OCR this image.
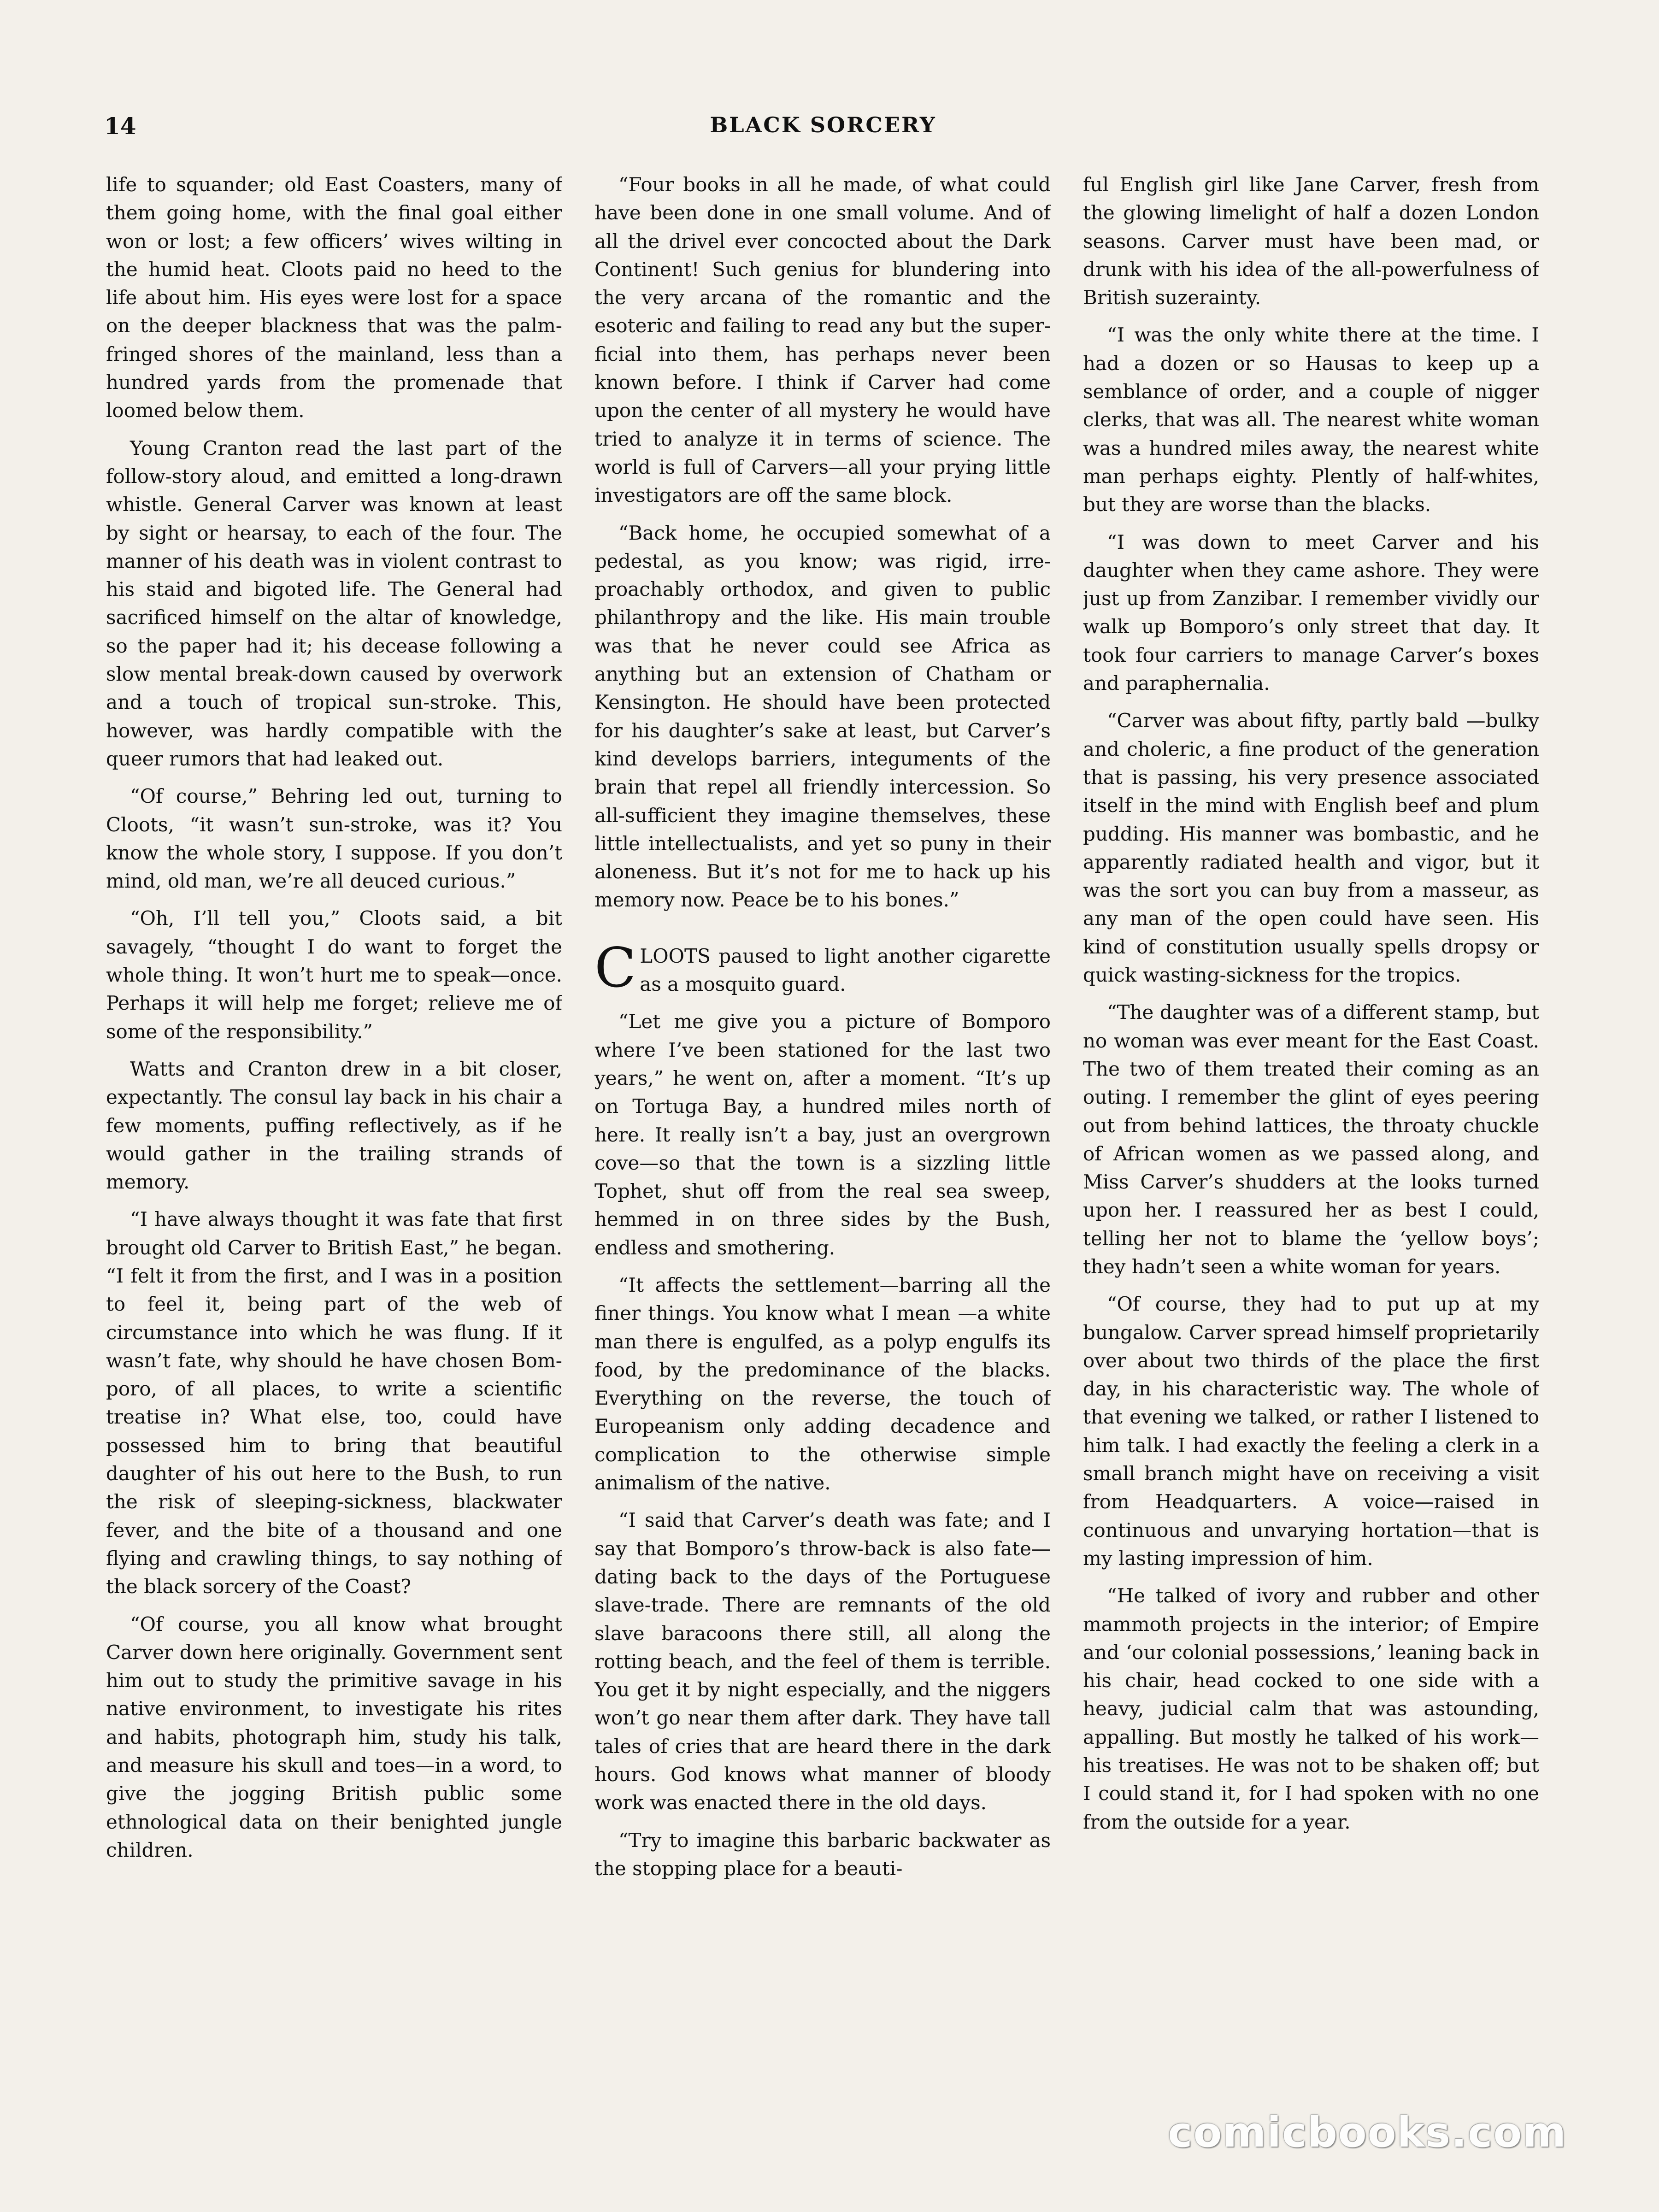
14	BLACK SORCERY

life to squander; old East Coasters, many of them going home, with the final goal either won or lost; a few officers’ wives wilting in the humid heat. Cloots paid no heed to the life about him. His eyes were lost for a space on the deeper blackness that was the palm-fringed shores of the mainland, less than a hundred yards from the promenade that loomed below them.

Young Cranton read the last part of the follow-story aloud, and emitted a long-drawn whistle. General Carver was known at least by sight or hearsay, to each of the four. The manner of his death was in violent contrast to his staid and bigoted life. The General had sacrificed himself on the altar of knowledge, so the paper had it; his decease following a slow mental break-down caused by overwork and a touch of tropical sun-stroke. This, however, was hardly compatible with the queer rumors that had leaked out.

“Of course,” Behring led out, turning to Cloots, “it wasn’t sun-stroke, was it? You know the whole story, I suppose. If you don’t mind, old man, we’re all deuced curious.”

“Oh, I’ll tell you,” Cloots said, a bit savagely, “thought I do want to forget the whole thing. It won’t hurt me to speak—once. Perhaps it will help me forget; relieve me of some of the responsibility.”

Watts and Cranton drew in a bit closer, expectantly. The consul lay back in his chair a few moments, puffing reflectively, as if he would gather in the trailing strands of memory.

“I have always thought it was fate that first brought old Carver to British East,” he began. “I felt it from the first, and I was in a position to feel it, being part of the web of circumstance into which he was flung. If it wasn’t fate, why should he have chosen Bomporo, of all places, to write a scientific treatise in? What else, too, could have possessed him to bring that beautiful daughter of his out here to the Bush, to run the risk of sleeping-sickness, blackwater fever, and the bite of a thousand and one flying and crawling things, to say nothing of the black sorcery of the Coast?

“Of course, you all know what brought Carver down here originally. Government sent him out to study the primitive savage in his native environment, to investigate his rites and habits, photograph him, study his talk, and measure his skull and toes—in a word, to give the jogging British public some ethnological data on their benighted jungle children.

“Four books in all he made, of what could have been done in one small volume. And of all the drivel ever concocted about the Dark Continent! Such genius for blundering into the very arcana of the romantic and the esoteric and failing to read any but the superficial into them, has perhaps never been known before. I think if Carver had come upon the center of all mystery he would have tried to analyze it in terms of science. The world is full of Carvers—all your prying little investigators are off the same block.

“Back home, he occupied somewhat of a pedestal, as you know; was rigid, irreproachably orthodox, and given to public philanthropy and the like. His main trouble was that he never could see Africa as anything but an extension of Chatham or Kensington. He should have been protected for his daughter’s sake at least, but Carver’s kind develops barriers, integuments of the brain that repel all friendly intercession. So all-sufficient they imagine themselves, these little intellectualists, and yet so puny in their aloneness. But it’s not for me to hack up his memory now. Peace be to his bones.”

CLOOTS paused to light another cigarette as a mosquito guard.

“Let me give you a picture of Bomporo where I’ve been stationed for the last two years,” he went on, after a moment. “It’s up on Tortuga Bay, a hundred miles north of here. It really isn’t a bay, just an overgrown cove—so that the town is a sizzling little Tophet, shut off from the real sea sweep, hemmed in on three sides by the Bush, endless and smothering.

“It affects the settlement—barring all the finer things. You know what I mean —a white man there is engulfed, as a polyp engulfs its food, by the predominance of the blacks. Everything on the reverse, the touch of Europeanism only adding decadence and complication to the otherwise simple animalism of the native.

“I said that Carver’s death was fate; and I say that Bomporo’s throw-back is also fate—dating back to the days of the Portuguese slave-trade. There are remnants of the old slave baracoons there still, all along the rotting beach, and the feel of them is terrible. You get it by night especially, and the niggers won’t go near them after dark. They have tall tales of cries that are heard there in the dark hours. God knows what manner of bloody work was enacted there in the old days.

“Try to imagine this barbaric backwater as the stopping place for a beauti-

ful English girl like Jane Carver, fresh from the glowing limelight of half a dozen London seasons. Carver must have been mad, or drunk with his idea of the all-powerfulness of British suzerainty.

“I was the only white there at the time. I had a dozen or so Hausas to keep up a semblance of order, and a couple of nigger clerks, that was all. The nearest white woman was a hundred miles away, the nearest white man perhaps eighty. Plently of half-whites, but they are worse than the blacks.

“I was down to meet Carver and his daughter when they came ashore. They were just up from Zanzibar. I remember vividly our walk up Bomporo’s only street that day. It took four carriers to manage Carver’s boxes and paraphernalia.

“Carver was about fifty, partly bald —bulky and choleric, a fine product of the generation that is passing, his very presence associated itself in the mind with English beef and plum pudding. His manner was bombastic, and he apparently radiated health and vigor, but it was the sort you can buy from a masseur, as any man of the open could have seen. His kind of constitution usually spells dropsy or quick wasting-sickness for the tropics.

“The daughter was of a different stamp, but no woman was ever meant for the East Coast. The two of them treated their coming as an outing. I remember the glint of eyes peering out from behind lattices, the throaty chuckle of African women as we passed along, and Miss Carver’s shudders at the looks turned upon her. I reassured her as best I could, telling her not to blame the ‘yellow boys’; they hadn’t seen a white woman for years.

“Of course, they had to put up at my bungalow. Carver spread himself proprietarily over about two thirds of the place the first day, in his characteristic way. The whole of that evening we talked, or rather I listened to him talk. I had exactly the feeling a clerk in a small branch might have on receiving a visit from Headquarters. A voice—raised in continuous and unvarying hortation—that is my lasting impression of him.

“He talked of ivory and rubber and other mammoth projects in the interior; of Empire and ‘our colonial possessions,’ leaning back in his chair, head cocked to one side with a heavy, judicial calm that was astounding, appalling. But mostly he talked of his work—his treatises. He was not to be shaken off; but I could stand it, for I had spoken with no one from the outside for a year.

comicbooks.com
